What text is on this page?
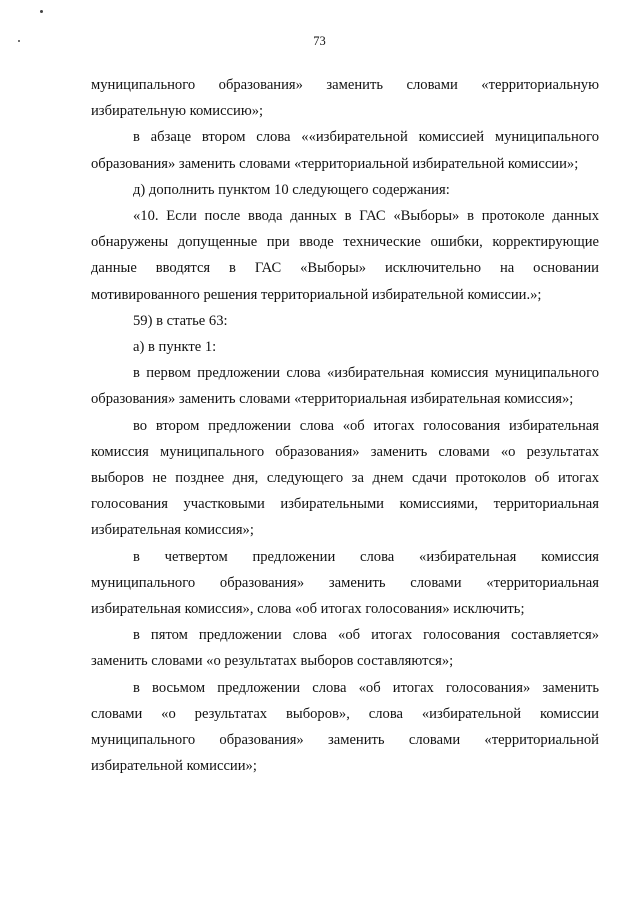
73
муниципального образования» заменить словами «территориальную
избирательную комиссию»;
в абзаце втором слова ««избирательной комиссией муниципального
образования» заменить словами «территориальной избирательной комиссии»;
д) дополнить пунктом 10 следующего содержания:
«10. Если после ввода данных в ГАС «Выборы» в протоколе данных
обнаружены допущенные при вводе технические ошибки, корректирующие
данные вводятся в ГАС «Выборы» исключительно на основании
мотивированного решения территориальной избирательной комиссии.»;
59) в статье 63:
а) в пункте 1:
в первом предложении слова «избирательная комиссия муниципального
образования» заменить словами «территориальная избирательная комиссия»;
во втором предложении слова «об итогах голосования избирательная
комиссия муниципального образования» заменить словами «о результатах
выборов не позднее дня, следующего за днем сдачи протоколов об итогах
голосования участковыми избирательными комиссиями, территориальная
избирательная комиссия»;
в четвертом предложении слова «избирательная комиссия
муниципального образования» заменить словами «территориальная
избирательная комиссия», слова «об итогах голосования» исключить;
в пятом предложении слова «об итогах голосования составляется»
заменить словами «о результатах выборов составляются»;
в восьмом предложении слова «об итогах голосования» заменить
словами «о результатах выборов», слова «избирательной комиссии
муниципального образования» заменить словами «территориальной
избирательной комиссии»;
